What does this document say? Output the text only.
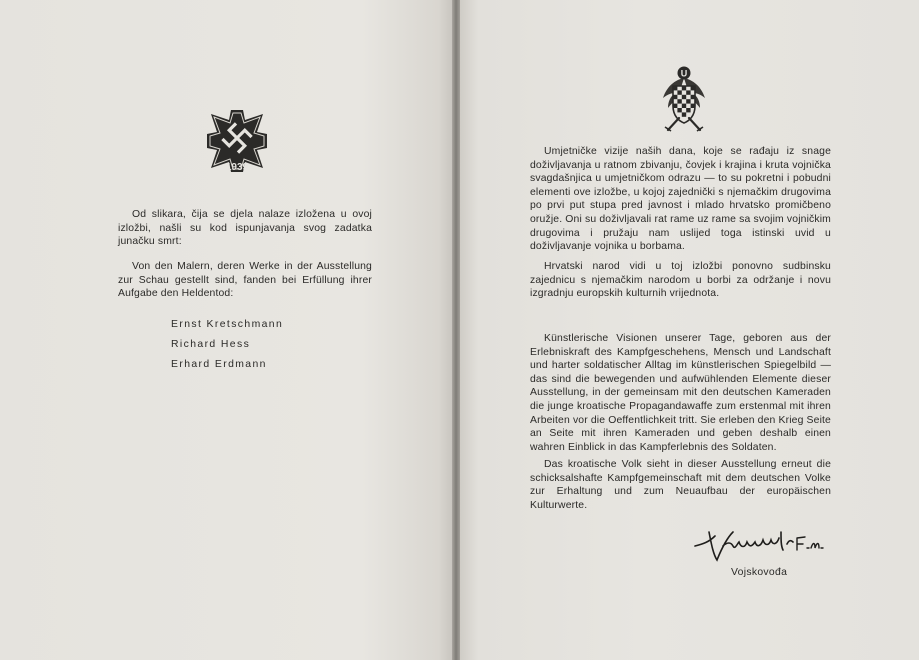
1939
Od slikara, čija se djela nalaze izložena u ovoj izložbi, našli su kod ispunjavanja svog zadatka junačku smrt:
Von den Malern, deren Werke in der Ausstellung zur Schau gestellt sind, fanden bei Erfüllung ihrer Aufgabe den Heldentod:
Ernst Kretschmann
Richard Hess
Erhard Erdmann
U
Umjetničke vizije naših dana, koje se rađaju iz snage doživljavanja u ratnom zbivanju, čovjek i krajina i kruta vojnička svagdašnjica u umjetničkom odrazu — to su pokretni i pobudni elementi ove izložbe, u kojoj zajednički s njemačkim drugovima po prvi put stupa pred javnost i mlado hrvatsko promičbeno oružje. Oni su doživljavali rat rame uz rame sa svojim vojničkim drugovima i pružaju nam uslijed toga istinski uvid u doživljavanje vojnika u borbama.
Hrvatski narod vidi u toj izložbi ponovno sudbinsku zajednicu s njemačkim narodom u borbi za održanje i novu izgradnju europskih kulturnih vrijednota.
Künstlerische Visionen unserer Tage, geboren aus der Erlebniskraft des Kampfgeschehens, Mensch und Landschaft und harter soldatischer Alltag im künstlerischen Spiegelbild — das sind die bewegenden und aufwühlenden Elemente dieser Ausstellung, in der gemeinsam mit den deutschen Kameraden die junge kroatische Propagandawaffe zum erstenmal mit ihren Arbeiten vor die Oeffentlichkeit tritt. Sie erleben den Krieg Seite an Seite mit ihren Kameraden und geben deshalb einen wahren Einblick in das Kampferlebnis des Soldaten.
Das kroatische Volk sieht in dieser Ausstellung erneut die schicksalshafte Kampfgemeinschaft mit dem deutschen Volke zur Erhaltung und zum Neuaufbau der europäischen Kulturwerte.
Vojskovođa
